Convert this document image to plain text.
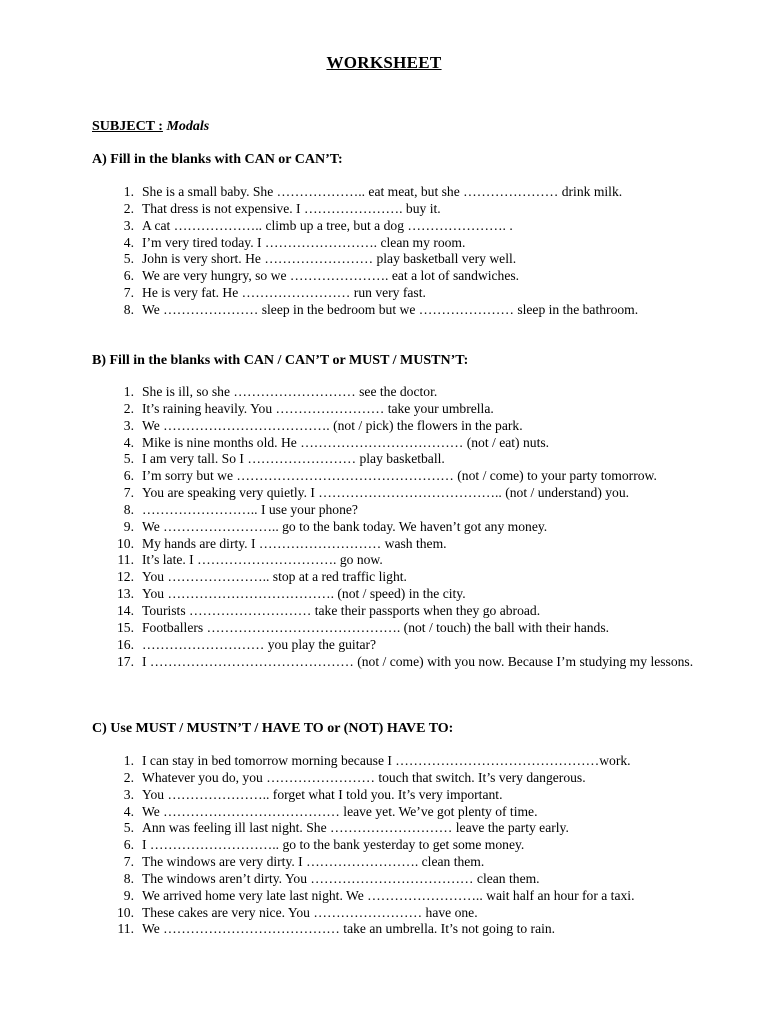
WORKSHEET
SUBJECT : Modals
A) Fill in the blanks with CAN or CAN’T:
1. She is a small baby. She ……………….. eat meat, but she ………………… drink milk.
2. That dress is not expensive. I …………………. buy it.
3. A cat ……………….. climb up a tree, but a dog …………………. .
4. I’m very tired today. I ……………………. clean my room.
5. John is very short. He …………………… play basketball very well.
6. We are very hungry, so we …………………. eat a lot of sandwiches.
7. He is very fat. He …………………… run very fast.
8. We ………………… sleep in the bedroom but we ………………… sleep in the bathroom.
B) Fill in the blanks with CAN / CAN’T or MUST / MUSTN’T:
1. She is ill, so she ……………………… see the doctor.
2. It’s raining heavily. You …………………… take your umbrella.
3. We ………………………………. (not / pick) the flowers in the park.
4. Mike is nine months old. He ……………………………… (not / eat) nuts.
5. I am very tall. So I …………………… play basketball.
6. I’m sorry but we ………………………………………… (not / come) to your party tomorrow.
7. You are speaking very quietly. I ………………………………….. (not / understand) you.
8. …………………….. I use your phone?
9. We …………………….. go to the bank today. We haven’t got any money.
10. My hands are dirty. I ……………………… wash them.
11. It’s late. I …………………………. go now.
12. You ………………….. stop at a red traffic light.
13. You ………………………………. (not / speed) in the city.
14. Tourists ……………………… take their passports when they go abroad.
15. Footballers ……………………………………. (not / touch) the ball with their hands.
16. ……………………… you play the guitar?
17. I ……………………………………… (not / come) with you now. Because I’m studying my lessons.
C) Use MUST / MUSTN’T / HAVE TO or (NOT) HAVE TO:
1. I can stay in bed tomorrow morning because I ………………………………………work.
2. Whatever you do, you …………………… touch that switch. It’s very dangerous.
3. You ………………….. forget what I told you. It’s very important.
4. We ………………………………… leave yet. We’ve got plenty of time.
5. Ann was feeling ill last night. She ……………………… leave the party early.
6. I ……………………….. go to the bank yesterday to get some money.
7. The windows are very dirty. I ……………………. clean them.
8. The windows aren’t dirty. You ……………………………… clean them.
9. We arrived home very late last night. We …………………….. wait half an hour for a taxi.
10. These cakes are very nice. You …………………… have one.
11. We ………………………………… take an umbrella. It’s not going to rain.
